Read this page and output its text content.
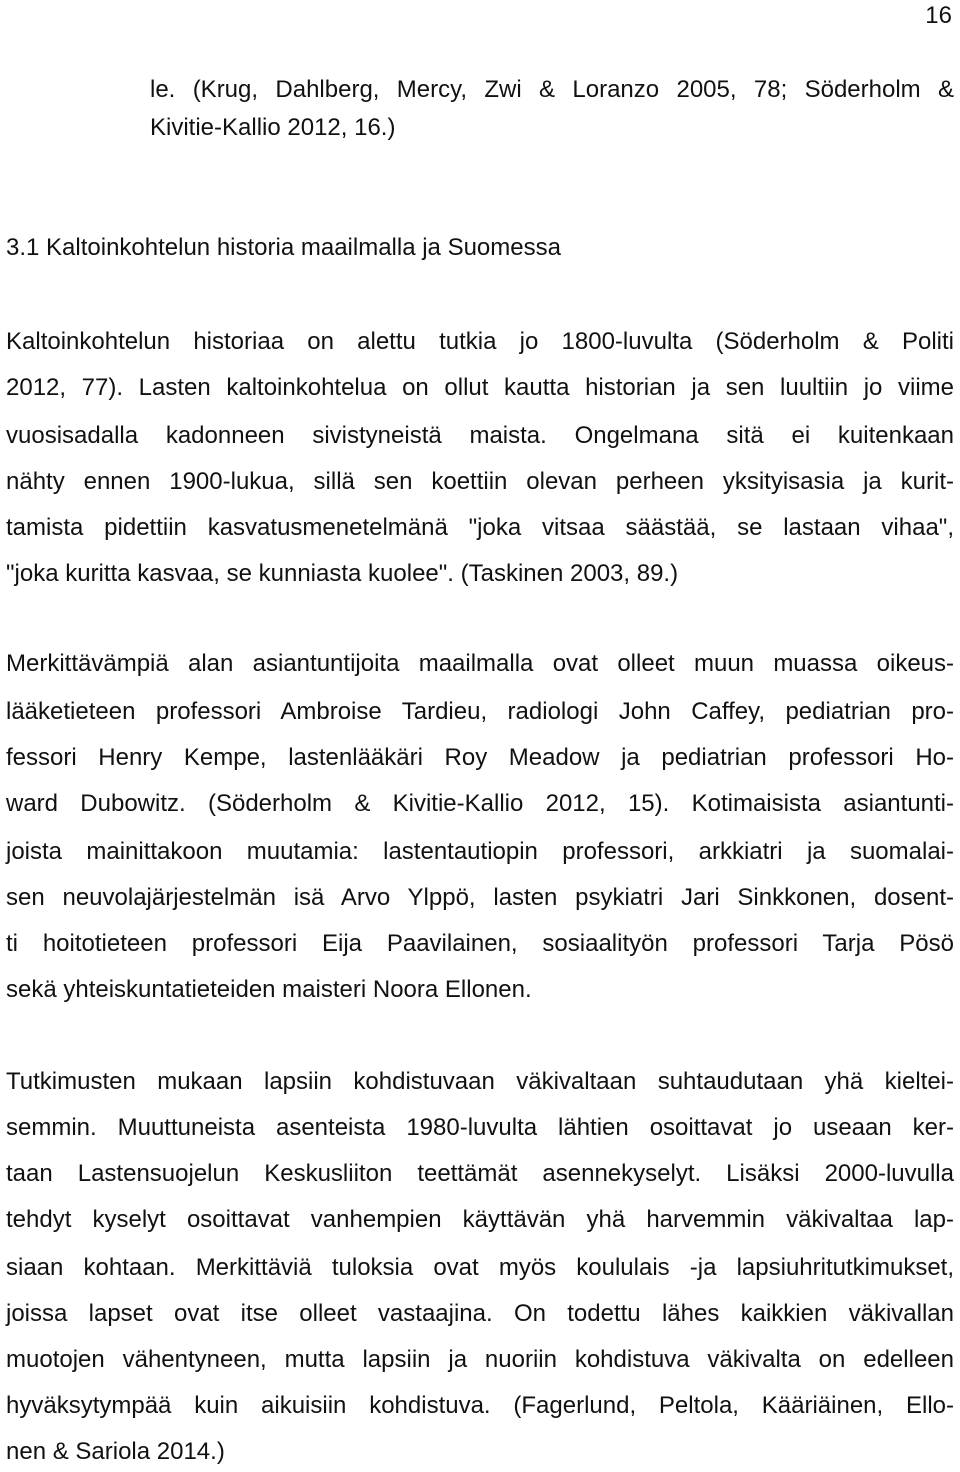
16
le. (Krug, Dahlberg, Mercy, Zwi & Loranzo 2005, 78; Söderholm &
Kivitie-Kallio 2012, 16.)
3.1 Kaltoinkohtelun historia maailmalla ja Suomessa
Kaltoinkohtelun historiaa on alettu tutkia jo 1800-luvulta (Söderholm & Politi
2012, 77). Lasten kaltoinkohtelua on ollut kautta historian ja sen luultiin jo viime
vuosisadalla kadonneen sivistyneistä maista. Ongelmana sitä ei kuitenkaan
nähty ennen 1900-lukua, sillä sen koettiin olevan perheen yksityisasia ja kurit-
tamista pidettiin kasvatusmenetelmänä "joka vitsaa säästää, se lastaan vihaa",
"joka kuritta kasvaa, se kunniasta kuolee". (Taskinen 2003, 89.)
Merkittävämpiä alan asiantuntijoita maailmalla ovat olleet muun muassa oikeus-
lääketieteen professori Ambroise Tardieu, radiologi John Caffey, pediatrian pro-
fessori Henry Kempe, lastenlääkäri Roy Meadow ja pediatrian professori Ho-
ward Dubowitz. (Söderholm & Kivitie-Kallio 2012, 15). Kotimaisista asiantunti-
joista mainittakoon muutamia: lastentautiopin professori, arkkiatri ja suomalai-
sen neuvolajärjestelmän isä Arvo Ylppö, lasten psykiatri Jari Sinkkonen, dosent-
ti hoitotieteen professori Eija Paavilainen, sosiaalityön professori Tarja Pösö
sekä yhteiskuntatieteiden maisteri Noora Ellonen.
Tutkimusten mukaan lapsiin kohdistuvaan väkivaltaan suhtaudutaan yhä kieltei-
semmin. Muuttuneista asenteista 1980-luvulta lähtien osoittavat jo useaan ker-
taan Lastensuojelun Keskusliiton teettämät asennekyselyt. Lisäksi 2000-luvulla
tehdyt kyselyt osoittavat vanhempien käyttävän yhä harvemmin väkivaltaa lap-
siaan kohtaan. Merkittäviä tuloksia ovat myös koululais -ja lapsiuhritutkimukset,
joissa lapset ovat itse olleet vastaajina. On todettu lähes kaikkien väkivallan
muotojen vähentyneen, mutta lapsiin ja nuoriin kohdistuva väkivalta on edelleen
hyväksytympää kuin aikuisiin kohdistuva. (Fagerlund, Peltola, Kääriäinen, Ello-
nen & Sariola 2014.)
